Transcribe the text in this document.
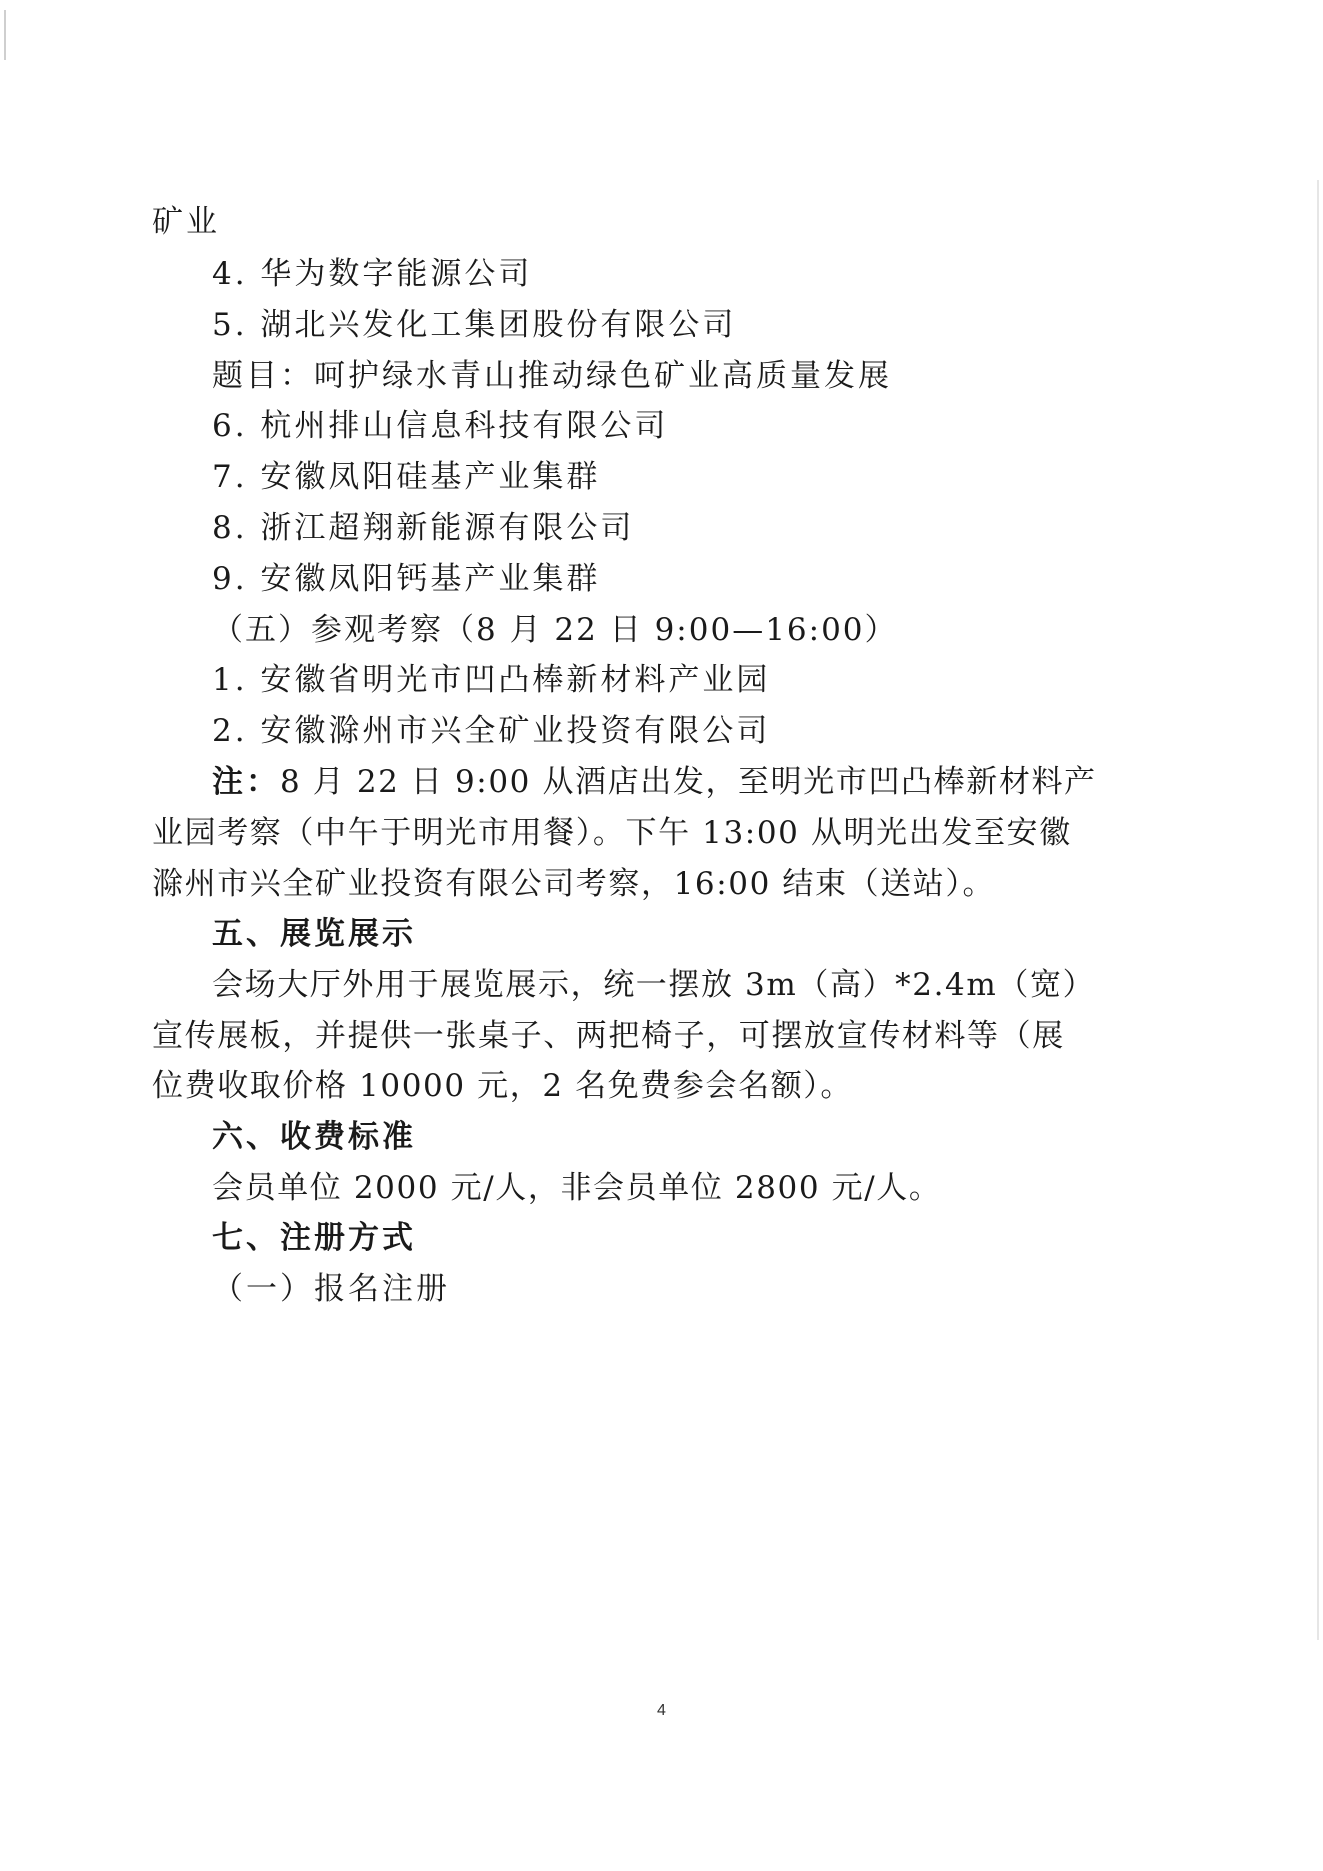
矿业
4. 华为数字能源公司
5. 湖北兴发化工集团股份有限公司
题目：呵护绿水青山推动绿色矿业高质量发展
6. 杭州排山信息科技有限公司
7. 安徽凤阳硅基产业集群
8. 浙江超翔新能源有限公司
9. 安徽凤阳钙基产业集群
（五）参观考察（8 月 22 日 9:00—16:00）
1. 安徽省明光市凹凸棒新材料产业园
2. 安徽滁州市兴全矿业投资有限公司
注：8 月 22 日 9:00 从酒店出发，至明光市凹凸棒新材料产
业园考察（中午于明光市用餐）。下午 13:00 从明光出发至安徽
滁州市兴全矿业投资有限公司考察，16:00 结束（送站）。
五、展览展示
会场大厅外用于展览展示，统一摆放 3m（高）*2.4m（宽）
宣传展板，并提供一张桌子、两把椅子，可摆放宣传材料等（展
位费收取价格 10000 元，2 名免费参会名额）。
六、收费标准
会员单位 2000 元/人，非会员单位 2800 元/人。
七、注册方式
（一）报名注册
4
